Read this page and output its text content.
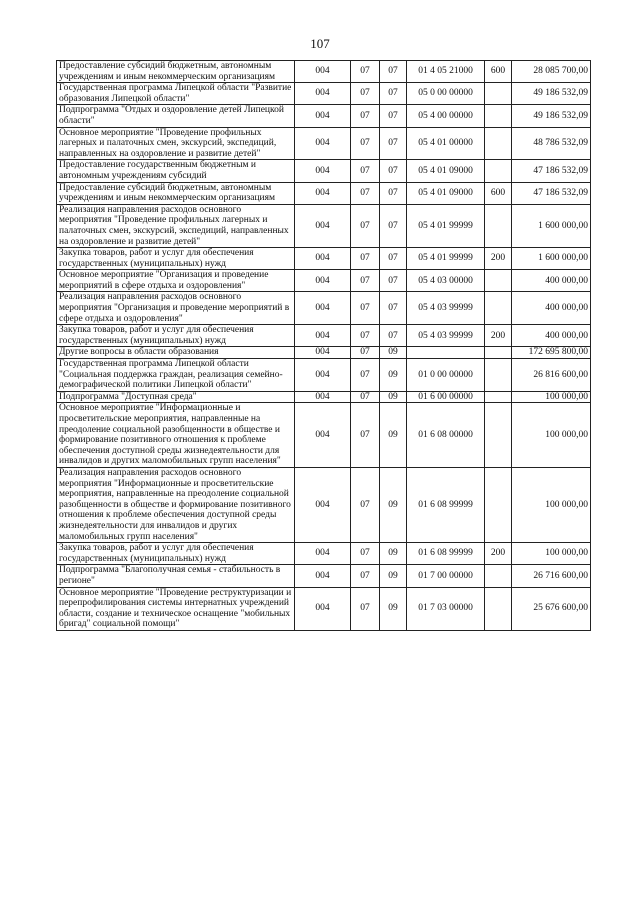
107
Предоставление субсидий бюджетным, автономным учреждениям и иным некоммерческим организациям	004	07	07	01 4 05 21000	600	28 085 700,00
Государственная программа Липецкой области "Развитие образования Липецкой области"	004	07	07	05 0 00 00000		49 186 532,09
Подпрограмма "Отдых и оздоровление детей Липецкой области"	004	07	07	05 4 00 00000		49 186 532,09
Основное мероприятие "Проведение профильных лагерных и палаточных смен, экскурсий, экспедиций, направленных на оздоровление и развитие детей"	004	07	07	05 4 01 00000		48 786 532,09
Предоставление государственным бюджетным и автономным учреждениям субсидий	004	07	07	05 4 01 09000		47 186 532,09
Предоставление субсидий бюджетным, автономным учреждениям и иным некоммерческим организациям	004	07	07	05 4 01 09000	600	47 186 532,09
Реализация направления расходов основного мероприятия "Проведение профильных лагерных и палаточных смен, экскурсий, экспедиций, направленных на оздоровление и развитие детей"	004	07	07	05 4 01 99999		1 600 000,00
Закупка товаров, работ и услуг для обеспечения государственных (муниципальных) нужд	004	07	07	05 4 01 99999	200	1 600 000,00
Основное мероприятие "Организация и проведение мероприятий в сфере отдыха и оздоровления"	004	07	07	05 4 03 00000		400 000,00
Реализация направления расходов основного мероприятия "Организация и проведение мероприятий в сфере отдыха и оздоровления"	004	07	07	05 4 03 99999		400 000,00
Закупка товаров, работ и услуг для обеспечения государственных (муниципальных) нужд	004	07	07	05 4 03 99999	200	400 000,00
Другие вопросы в области образования	004	07	09			172 695 800,00
Государственная программа Липецкой области "Социальная поддержка граждан, реализация семейно-демографической политики Липецкой области"	004	07	09	01 0 00 00000		26 816 600,00
Подпрограмма "Доступная среда"	004	07	09	01 6 00 00000		100 000,00
Основное мероприятие "Информационные и просветительские мероприятия, направленные на преодоление социальной разобщенности в обществе и формирование позитивного отношения к проблеме обеспечения доступной среды жизнедеятельности для инвалидов и других маломобильных групп населения"	004	07	09	01 6 08 00000		100 000,00
Реализация направления расходов основного мероприятия "Информационные и просветительские мероприятия, направленные на преодоление социальной разобщенности в обществе и формирование позитивного отношения к проблеме обеспечения доступной среды жизнедеятельности для инвалидов и других маломобильных групп населения"	004	07	09	01 6 08 99999		100 000,00
Закупка товаров, работ и услуг для обеспечения государственных (муниципальных) нужд	004	07	09	01 6 08 99999	200	100 000,00
Подпрограмма "Благополучная семья - стабильность в регионе"	004	07	09	01 7 00 00000		26 716 600,00
Основное мероприятие "Проведение реструктуризации и перепрофилирования системы интернатных учреждений области, создание и техническое оснащение "мобильных бригад" социальной помощи"	004	07	09	01 7 03 00000		25 676 600,00
